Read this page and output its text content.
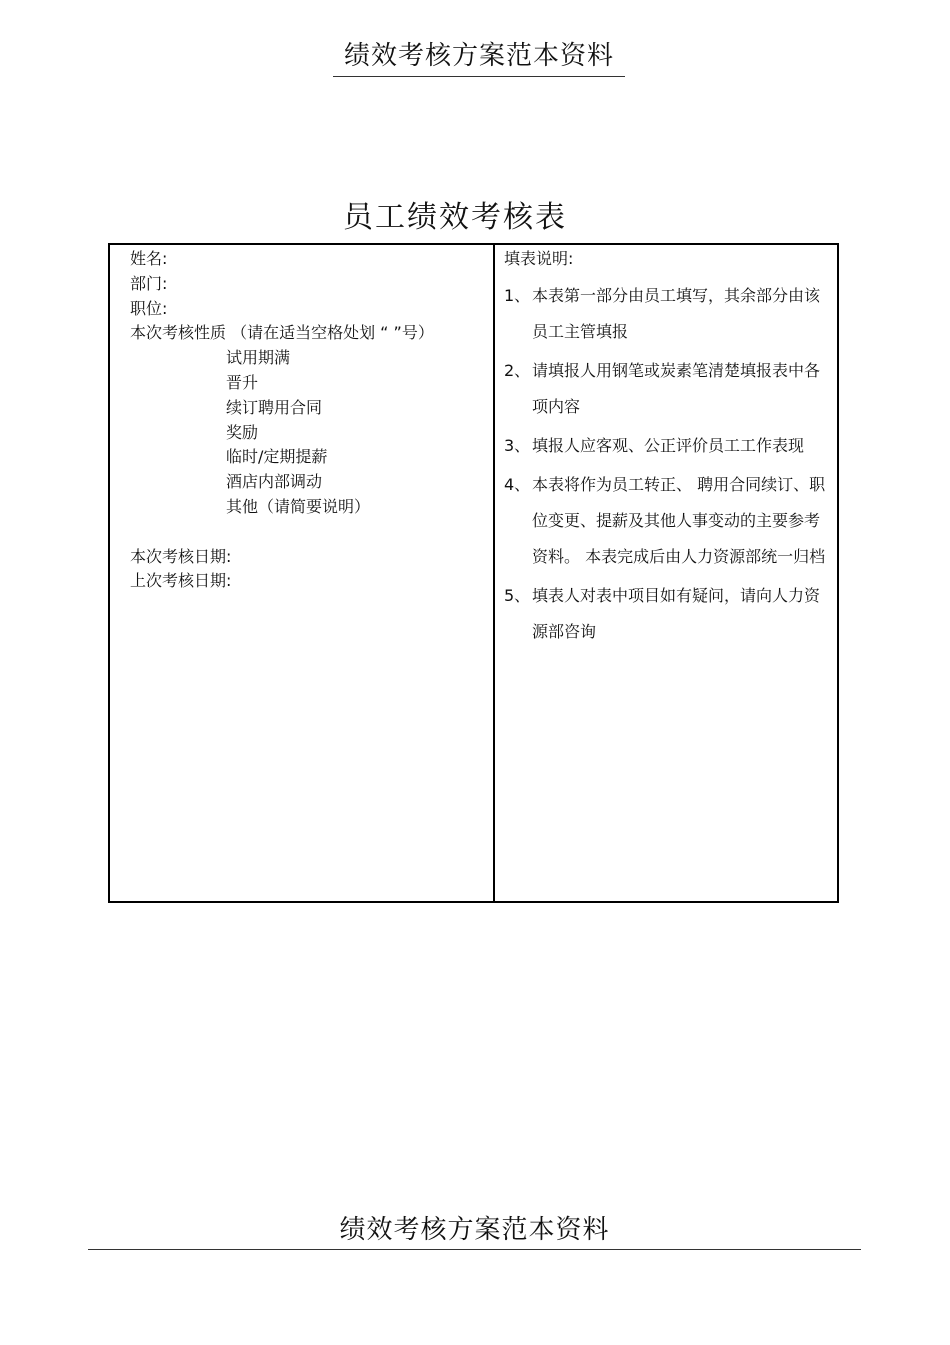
绩效考核方案范本资料
员工绩效考核表
姓名:
部门:
职位:
本次考核性质 （请在适当空格处划 “ ”号）
试用期满
晋升
续订聘用合同
奖励
临时/定期提薪
酒店内部调动
其他（请简要说明）
本次考核日期:
上次考核日期:
填表说明:
1、 本表第一部分由员工填写，其余部分由该员工主管填报
2、 请填报人用钢笔或炭素笔清楚填报表中各项内容
3、 填报人应客观、公正评价员工工作表现
4、 本表将作为员工转正、 聘用合同续订、职位变更、提薪及其他人事变动的主要参考资料。 本表完成后由人力资源部统一归档
5、 填表人对表中项目如有疑问，请向人力资源部咨询
绩效考核方案范本资料
